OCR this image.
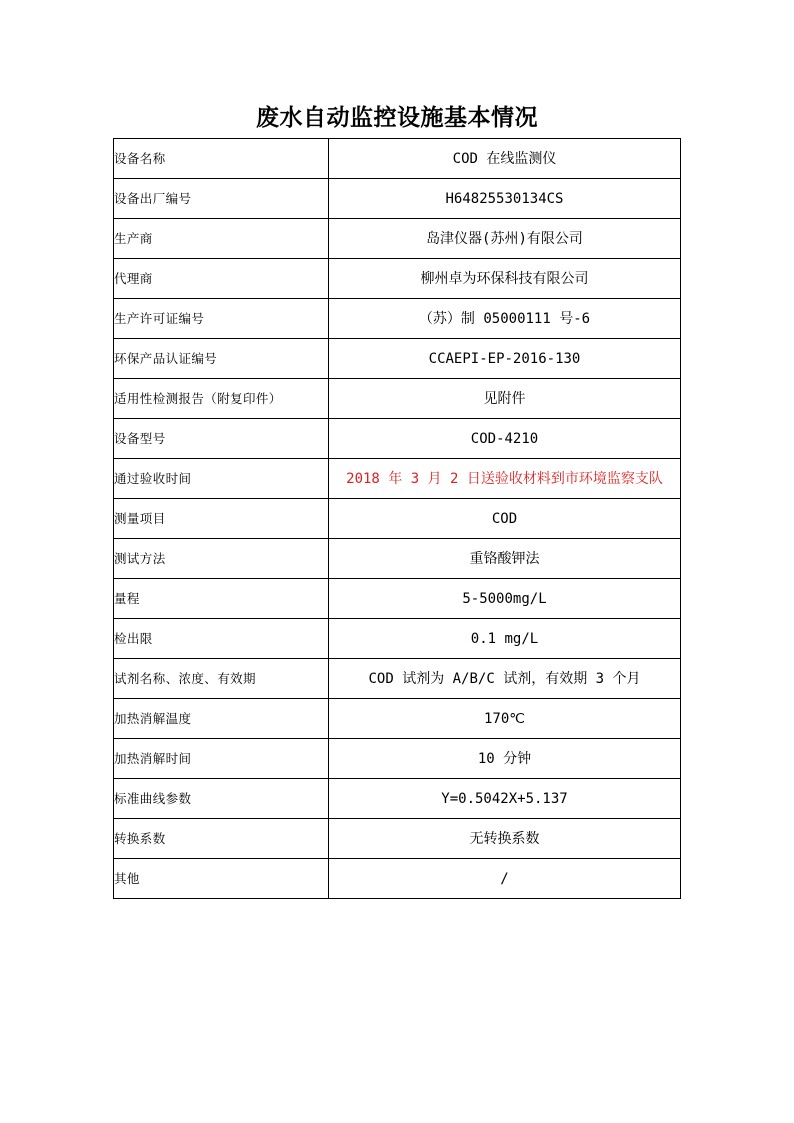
废水自动监控设施基本情况
设备名称	COD 在线监测仪
设备出厂编号	H64825530134CS
生产商	岛津仪器(苏州)有限公司
代理商	柳州卓为环保科技有限公司
生产许可证编号	（苏）制 05000111 号-6
环保产品认证编号	CCAEPI-EP-2016-130
适用性检测报告（附复印件）	见附件
设备型号	COD-4210
通过验收时间	2018 年 3 月 2 日送验收材料到市环境监察支队
测量项目	COD
测试方法	重铬酸钾法
量程	5-5000mg/L
检出限	0.1 mg/L
试剂名称、浓度、有效期	COD 试剂为 A/B/C 试剂，有效期 3 个月
加热消解温度	170℃
加热消解时间	10 分钟
标准曲线参数	Y=0.5042X+5.137
转换系数	无转换系数
其他	/
